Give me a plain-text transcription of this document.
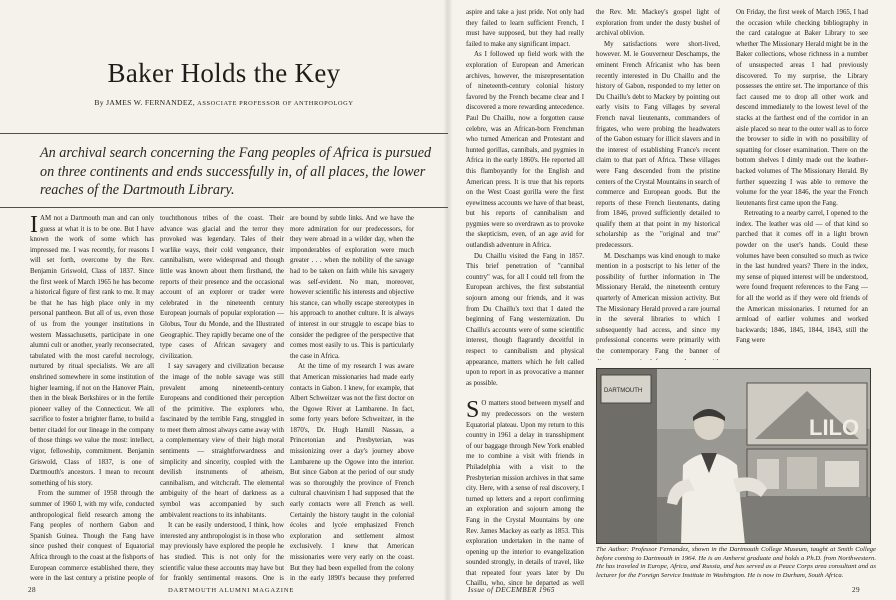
Baker Holds the Key
By JAMES W. FERNANDEZ, ASSOCIATE PROFESSOR OF ANTHROPOLOGY
An archival search concerning the Fang peoples of Africa is pursued on three continents and ends successfully in, of all places, the lower reaches of the Dartmouth Library.

IAM not a Dartmouth man and can only guess at what it is to be one. But I have known the work of some which has impressed me. I was recently, for reasons I will set forth, overcome by the Rev. Benjamin Griswold, Class of 1837. Since the first week of March 1965 he has become a historical figure of first rank to me. It may be that he has high place only in my personal pantheon. But all of us, even those of us from the younger institutions in western Massachusetts, participate in one alumni cult or another, yearly reconsecrated, tabulated with the most careful necrology, nurtured by ritual specialists. We are all enshrined somewhere in some institution of higher learning, if not on the Hanover Plain, then in the bleak Berkshires or in the fertile pioneer valley of the Connecticut. We all sacrifice to foster a brighter flame, to build a better citadel for our lineage in the company of those things we value the most: intellect, vigor, fellowship, commitment. Benjamin Griswold, Class of 1837, is one of Dartmouth's ancestors. I mean to recount something of his story.

From the summer of 1958 through the summer of 1960 I, with my wife, conducted anthropological field research among the Fang peoples of northern Gabon and Spanish Guinea. Though the Fang have since pushed their conquest of Equatorial Africa through to the coast at the fishports of European commerce established there, they were in the last century a pristine people of

touchthonous tribes of the coast. Their advance was glacial and the terror they provoked was legendary. Tales of their warlike ways, their cold vengeance, their cannibalism, were widespread and though little was known about them firsthand, the reports of their presence and the occasional account of an explorer or trader were celebrated in the nineteenth century European journals of popular exploration — Globus, Tour du Monde, and the Illustrated Geographic. They rapidly became one of the type cases of African savagery and civilization.

I say savagery and civilization because the image of the noble savage was still prevalent among nineteenth-century Europeans and conditioned their perception of the primitive. The explorers who, fascinated by the terrible Fang, struggled in to meet them almost always came away with a complementary view of their high moral sentiments — straightforwardness and simplicity and sincerity, coupled with the devilish instruments of atheism, cannibalism, and witchcraft. The elemental ambiguity of the heart of darkness as a symbol was accompanied by such ambivalent reactions to its inhabitants.

It can be easily understood, I think, how interested any anthropologist is in those who may previously have explored the people he has studied. This is not only for the scientific value these accounts may have but for frankly sentimental reasons. One is

are bound by subtle links. And we have the more admiration for our predecessors, for they were abroad in a wilder day, when the imponderables of exploration were much greater . . . when the nobility of the savage had to be taken on faith while his savagery was self-evident. No man, moreover, however scientific his interests and objective his stance, can wholly escape stereotypes in his approach to another culture. It is always of interest in our struggle to escape bias to consider the pedigree of the perspective that comes most easily to us. This is particularly the case in Africa.

At the time of my research I was aware that American missionaries had made early contacts in Gabon. I knew, for example, that Albert Schweitzer was not the first doctor on the Ogowe River at Lambarene. In fact, some forty years before Schweitzer, in the 1870's, Dr. Hugh Hamill Nassau, a Princetonian and Presbyterian, was missionizing over a day's journey above Lambarene up the Ogowe into the interior. But since Gabon at the period of our study was so thoroughly the province of French cultural chauvinism I had supposed that the early contacts were all French as well. Certainly the history taught in the colonial écoles and lycée emphasized French exploration and settlement almost exclusively. I knew that American missionaries were very early on the coast. But they had been expelled from the colony in the early 1890's because they preferred

28	DARTMOUTH ALUMNI MAGAZINE

aspire and take a just pride. Not only had they failed to learn sufficient French, I must have supposed, but they had really failed to make any significant impact.

As I followed up field work with the exploration of European and American archives, however, the misrepresentation of nineteenth-century colonial history favored by the French became clear and I discovered a more rewarding antecedence. Paul Du Chaillu, now a forgotten cause celebre, was an African-born Frenchman who turned American and Protestant and hunted gorillas, cannibals, and pygmies in Africa in the early 1860's. He reported all this flamboyantly for the English and American press. It is true that his reports on the West Coast gorilla were the first eyewitness accounts we have of that beast, but his reports of cannibalism and pygmies were so overdrawn as to provoke the skepticism, even, of an age avid for outlandish adventure in Africa.

Du Chaillu visited the Fang in 1857. This brief penetration of "cannibal country" was, for all I could tell from the European archives, the first substantial sojourn among our friends, and it was from Du Chaillu's text that I dated the beginning of Fang westernization. Du Chaillu's accounts were of some scientific interest, though flagrantly deceitful in respect to cannibalism and physical appearance, matters which he felt called upon to report in as provocative a manner as possible.

S O matters stood between myself and my predecessors on the western Equatorial plateau. Upon my return to this country in 1961 a delay in transshipment of our baggage through New York enabled me to combine a visit with friends in Philadelphia with a visit to the Presbyterian mission archives in that same city. Here, with a sense of real discovery, I turned up letters and a report confirming an exploration and sojourn among the Fang in the Crystal Mountains by one Rev. James Mackey as early as 1853. This exploration undertaken in the name of opening up the interior to evangelization sounded strongly, in details of travel, like that repeated four years later by Du Chaillu, who, since he departed as well

the Rev. Mr. Mackey's gospel light of exploration from under the dusty bushel of archival oblivion.

My satisfactions were short-lived, however. M. le Gouverneur Deschamps, the eminent French Africanist who has been recently interested in Du Chaillu and the history of Gabon, responded to my letter on Du Chaillu's debt to Mackey by pointing out early visits to Fang villages by several French naval lieutenants, commanders of frigates, who were probing the headwaters of the Gabon estuary for illicit slavers and in the interest of establishing France's recent claim to that part of Africa. These villages were Fang descended from the pristine centers of the Crystal Mountains in search of commerce and European goods. But the reports of these French lieutenants, dating from 1846, proved sufficiently detailed to qualify them at that point in my historical scholarship as the "original and true" predecessors.

M. Deschamps was kind enough to make mention in a postscript to his letter of the possibility of further information in The Missionary Herald, the nineteenth century quarterly of American mission activity. But The Missionary Herald proved a rare journal in the several libraries to which I subsequently had access, and since my professional concerns were primarily with the contemporary Fang the banner of

On Friday, the first week of March 1965, I had the occasion while checking bibliography in the card catalogue at Baker Library to see whether The Missionary Herald might be in the Baker collections, whose richness in a number of unsuspected areas I had previously discovered. To my surprise, the Library possesses the entire set. The importance of this fact caused me to drop all other work and descend immediately to the lowest level of the stacks at the farthest end of the corridor in an aisle placed so near to the outer wall as to force the browser to sidle in with no possibility of squatting for closer examination. There on the bottom shelves I dimly made out the leather-backed volumes of The Missionary Herald. By further squeezing I was able to remove the volume for the year 1846, the year the French lieutenants first came upon the Fang.

Retreating to a nearby carrel, I opened to the index. The leather was old — of that kind so parched that it comes off in a light brown powder on the user's hands. Could these volumes have been consulted so much as twice in the last hundred years? There in the index, my sense of piqued interest will be understood, were found frequent references to the Fang — for all the world as if they were old friends of the American missionaries. I returned for an armload of earlier volumes and worked backwards; 1846, 1845, 1844, 1843, still the Fang were

DARTMOUTH
LILO
The Author: Professor Fernandez, shown in the Dartmouth College Museum, taught at Smith College before coming to Dartmouth in 1964. He is an Amherst graduate and holds a Ph.D. from Northwestern. He has traveled in Europe, Africa, and Russia, and has served as a Peace Corps area consultant and as lecturer for the Foreign Service Institute in Washington. He is now in Durham, South Africa.
Issue of DECEMBER 1965	29
